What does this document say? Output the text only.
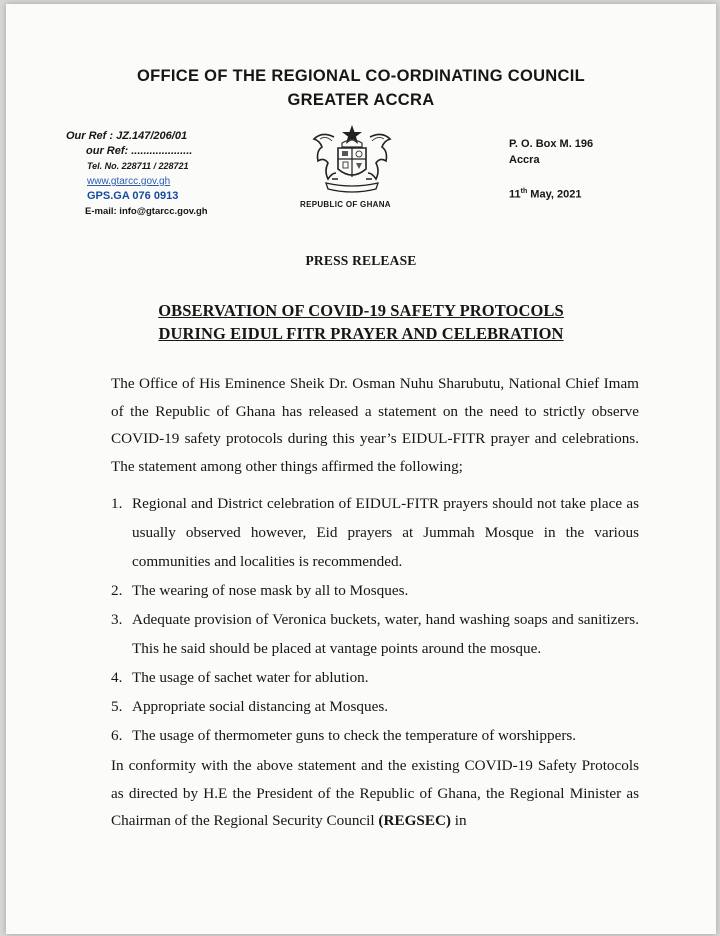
OFFICE OF THE REGIONAL CO-ORDINATING COUNCIL
GREATER ACCRA
Our Ref : JZ.147/206/01
our Ref: ....................
Tel. No. 228711 / 228721
www.gtarcc.gov.gh
GPS.GA 076 0913
E-mail: info@gtarcc.gov.gh
REPUBLIC OF GHANA
P. O. Box M. 196
Accra
11th May, 2021
PRESS RELEASE
OBSERVATION OF COVID-19 SAFETY PROTOCOLS
DURING EIDUL FITR PRAYER AND CELEBRATION

The Office of His Eminence Sheik Dr. Osman Nuhu Sharubutu, National Chief Imam of the Republic of Ghana has released a statement on the need to strictly observe COVID-19 safety protocols during this year’s EIDUL-FITR prayer and celebrations. The statement among other things affirmed the following;

1. Regional and District celebration of EIDUL-FITR prayers should not take place as usually observed however, Eid prayers at Jummah Mosque in the various communities and localities is recommended.
2. The wearing of nose mask by all to Mosques.
3. Adequate provision of Veronica buckets, water, hand washing soaps and sanitizers. This he said should be placed at vantage points around the mosque.
4. The usage of sachet water for ablution.
5. Appropriate social distancing at Mosques.
6. The usage of thermometer guns to check the temperature of worshippers.

In conformity with the above statement and the existing COVID-19 Safety Protocols as directed by H.E the President of the Republic of Ghana, the Regional Minister as Chairman of the Regional Security Council (REGSEC) in
